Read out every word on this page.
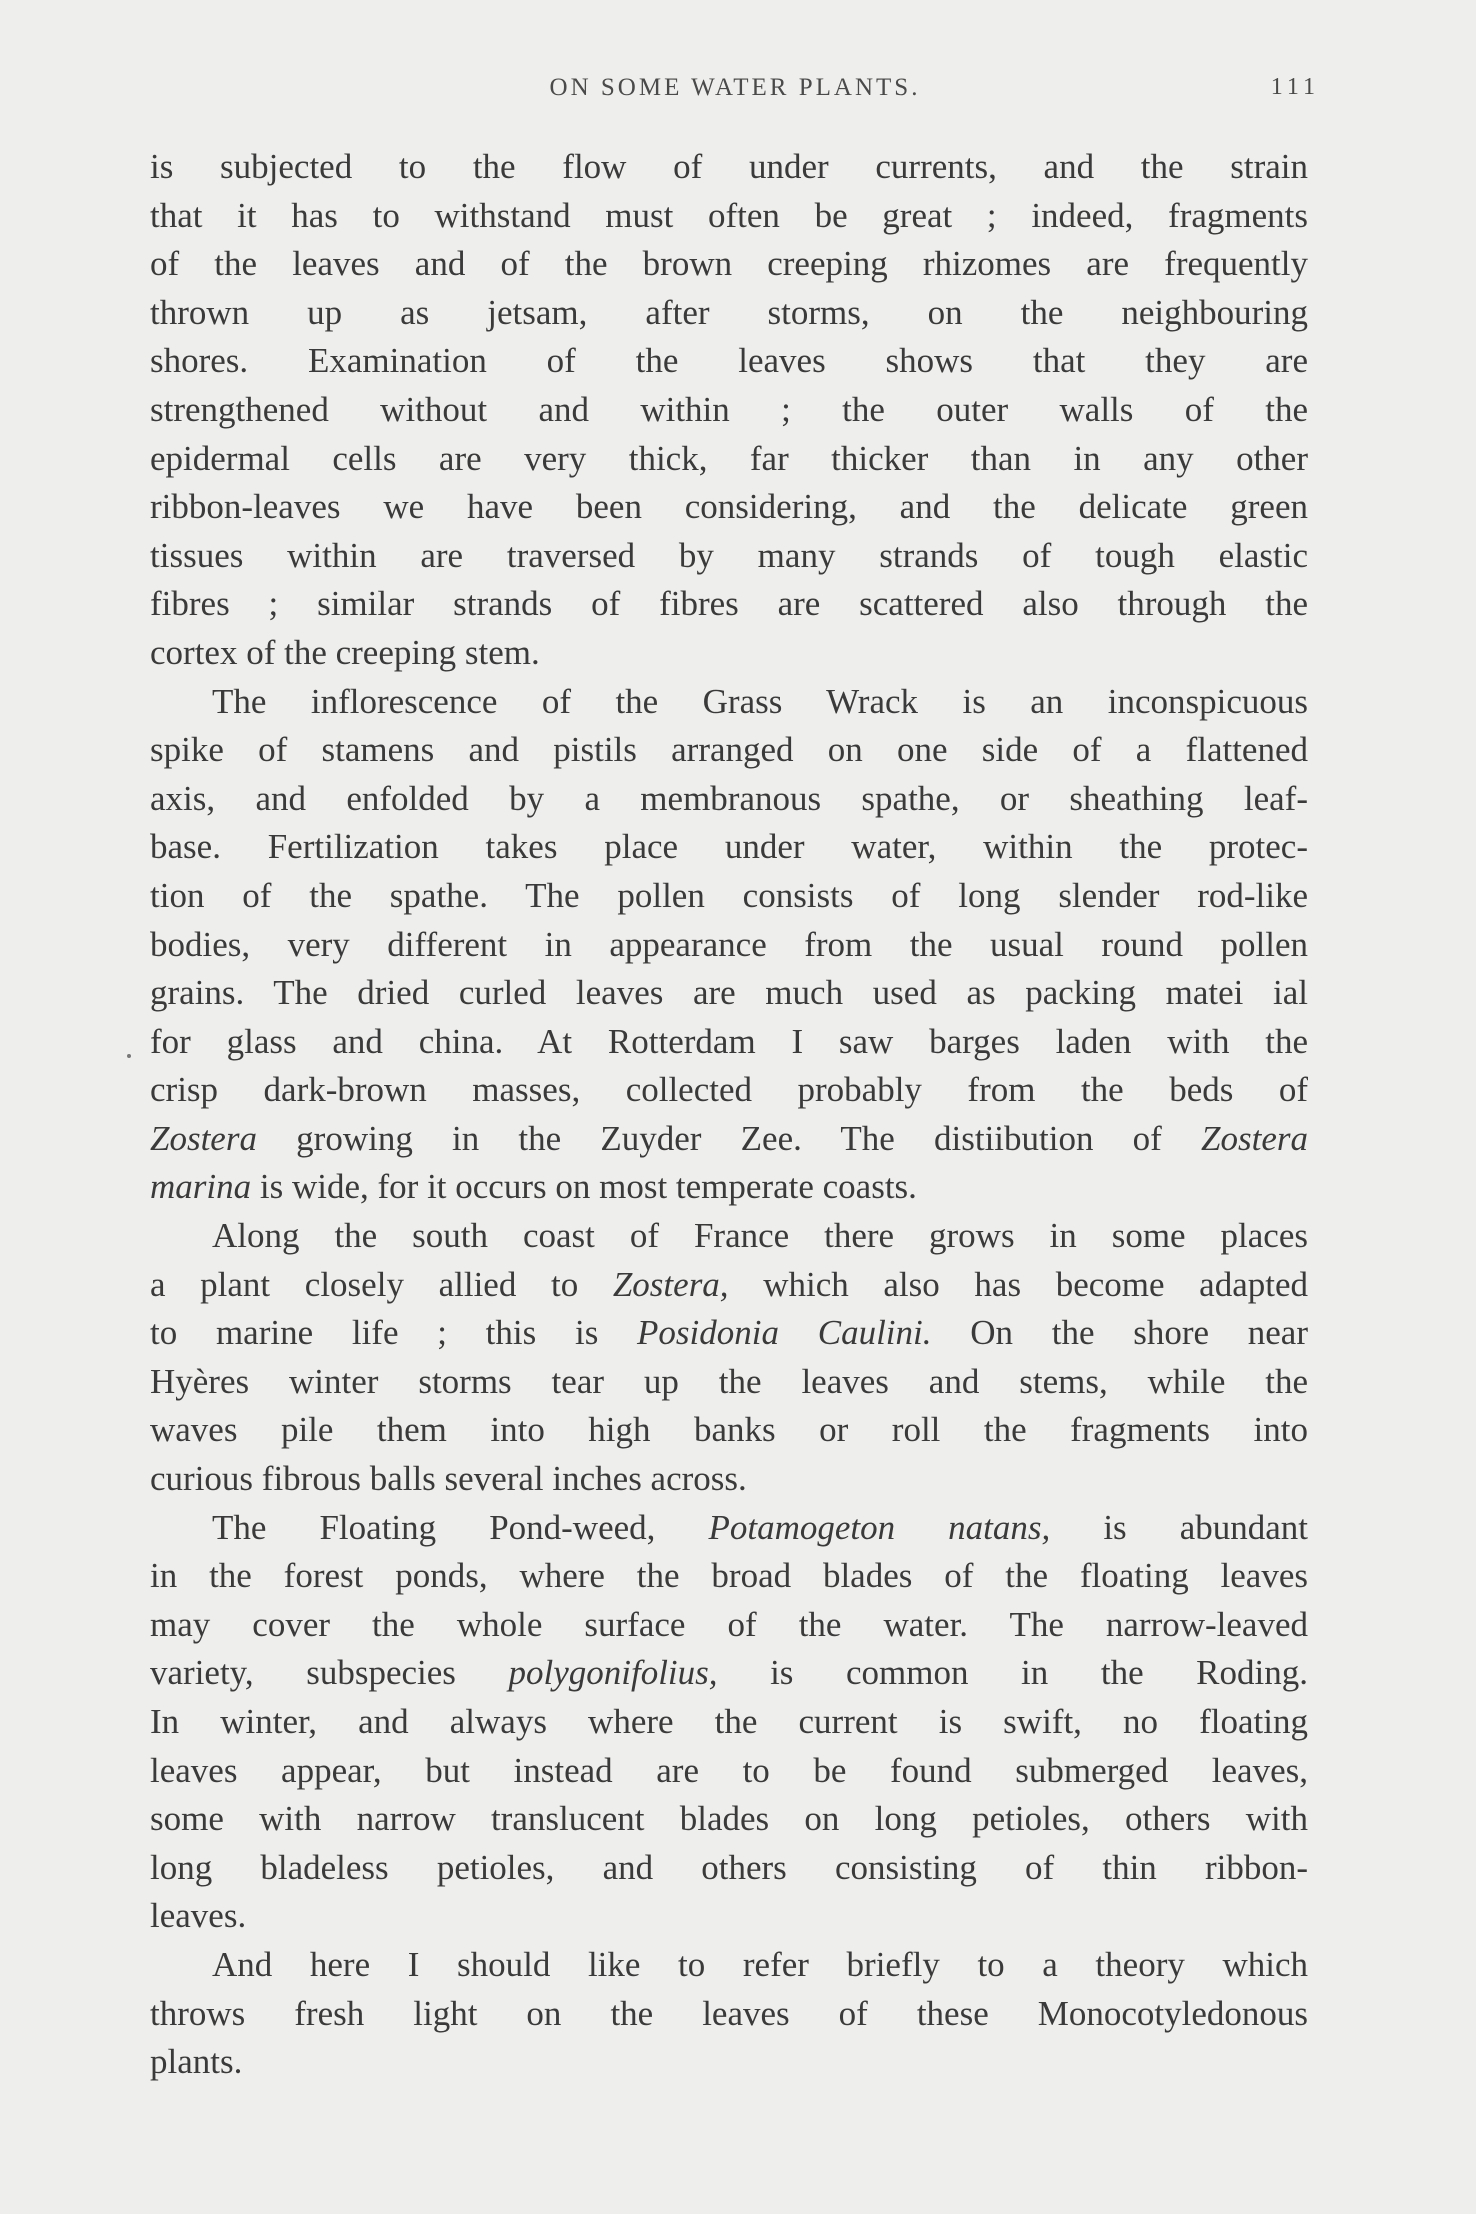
ON SOME WATER PLANTS.	111
is subjected to the flow of under currents, and the strain
that it has to withstand must often be great ; indeed, fragments
of the leaves and of the brown creeping rhizomes are frequently
thrown up as jetsam, after storms, on the neighbouring
shores. Examination of the leaves shows that they are
strengthened without and within ; the outer walls of the
epidermal cells are very thick, far thicker than in any other
ribbon-leaves we have been considering, and the delicate green
tissues within are traversed by many strands of tough elastic
fibres ; similar strands of fibres are scattered also through the
cortex of the creeping stem.
The inflorescence of the Grass Wrack is an inconspicuous
spike of stamens and pistils arranged on one side of a flattened
axis, and enfolded by a membranous spathe, or sheathing leaf-
base. Fertilization takes place under water, within the protec-
tion of the spathe. The pollen consists of long slender rod-like
bodies, very different in appearance from the usual round pollen
grains. The dried curled leaves are much used as packing matei ial
for glass and china. At Rotterdam I saw barges laden with the
crisp dark-brown masses, collected probably from the beds of
Zostera growing in the Zuyder Zee. The distiibution of Zostera
marina is wide, for it occurs on most temperate coasts.
Along the south coast of France there grows in some places
a plant closely allied to Zostera, which also has become adapted
to marine life ; this is Posidonia Caulini. On the shore near
Hyères winter storms tear up the leaves and stems, while the
waves pile them into high banks or roll the fragments into
curious fibrous balls several inches across.
The Floating Pond-weed, Potamogeton natans, is abundant
in the forest ponds, where the broad blades of the floating leaves
may cover the whole surface of the water. The narrow-leaved
variety, subspecies polygonifolius, is common in the Roding.
In winter, and always where the current is swift, no floating
leaves appear, but instead are to be found submerged leaves,
some with narrow translucent blades on long petioles, others with
long bladeless petioles, and others consisting of thin ribbon-
leaves.
And here I should like to refer briefly to a theory which
throws fresh light on the leaves of these Monocotyledonous
plants.
